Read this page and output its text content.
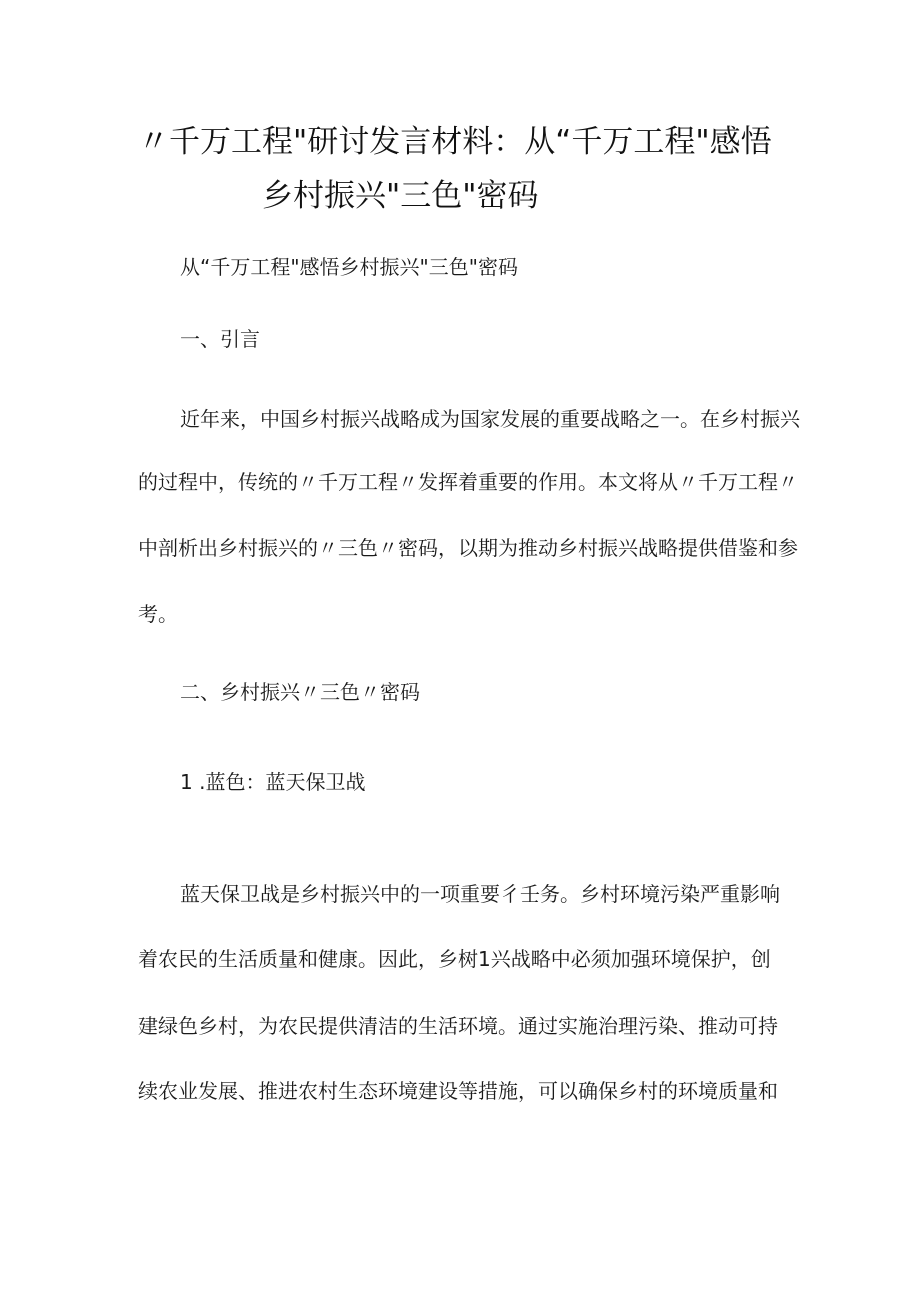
〃千万工程"研讨发言材料：从“千万工程"感悟
乡村振兴"三色"密码
从“千万工程"感悟乡村振兴"三色"密码
一、引言
近年来，中国乡村振兴战略成为国家发展的重要战略之一。在乡村振兴
的过程中，传统的〃千万工程〃发挥着重要的作用。本文将从〃千万工程〃
中剖析出乡村振兴的〃三色〃密码，以期为推动乡村振兴战略提供借鉴和参
考。
二、乡村振兴〃三色〃密码
1 .蓝色：蓝天保卫战
蓝天保卫战是乡村振兴中的一项重要彳壬务。乡村环境污染严重影响
着农民的生活质量和健康。因此，乡树1兴战略中必须加强环境保护，创
建绿色乡村，为农民提供清洁的生活环境。通过实施治理污染、推动可持
续农业发展、推进农村生态环境建设等措施，可以确保乡村的环境质量和
